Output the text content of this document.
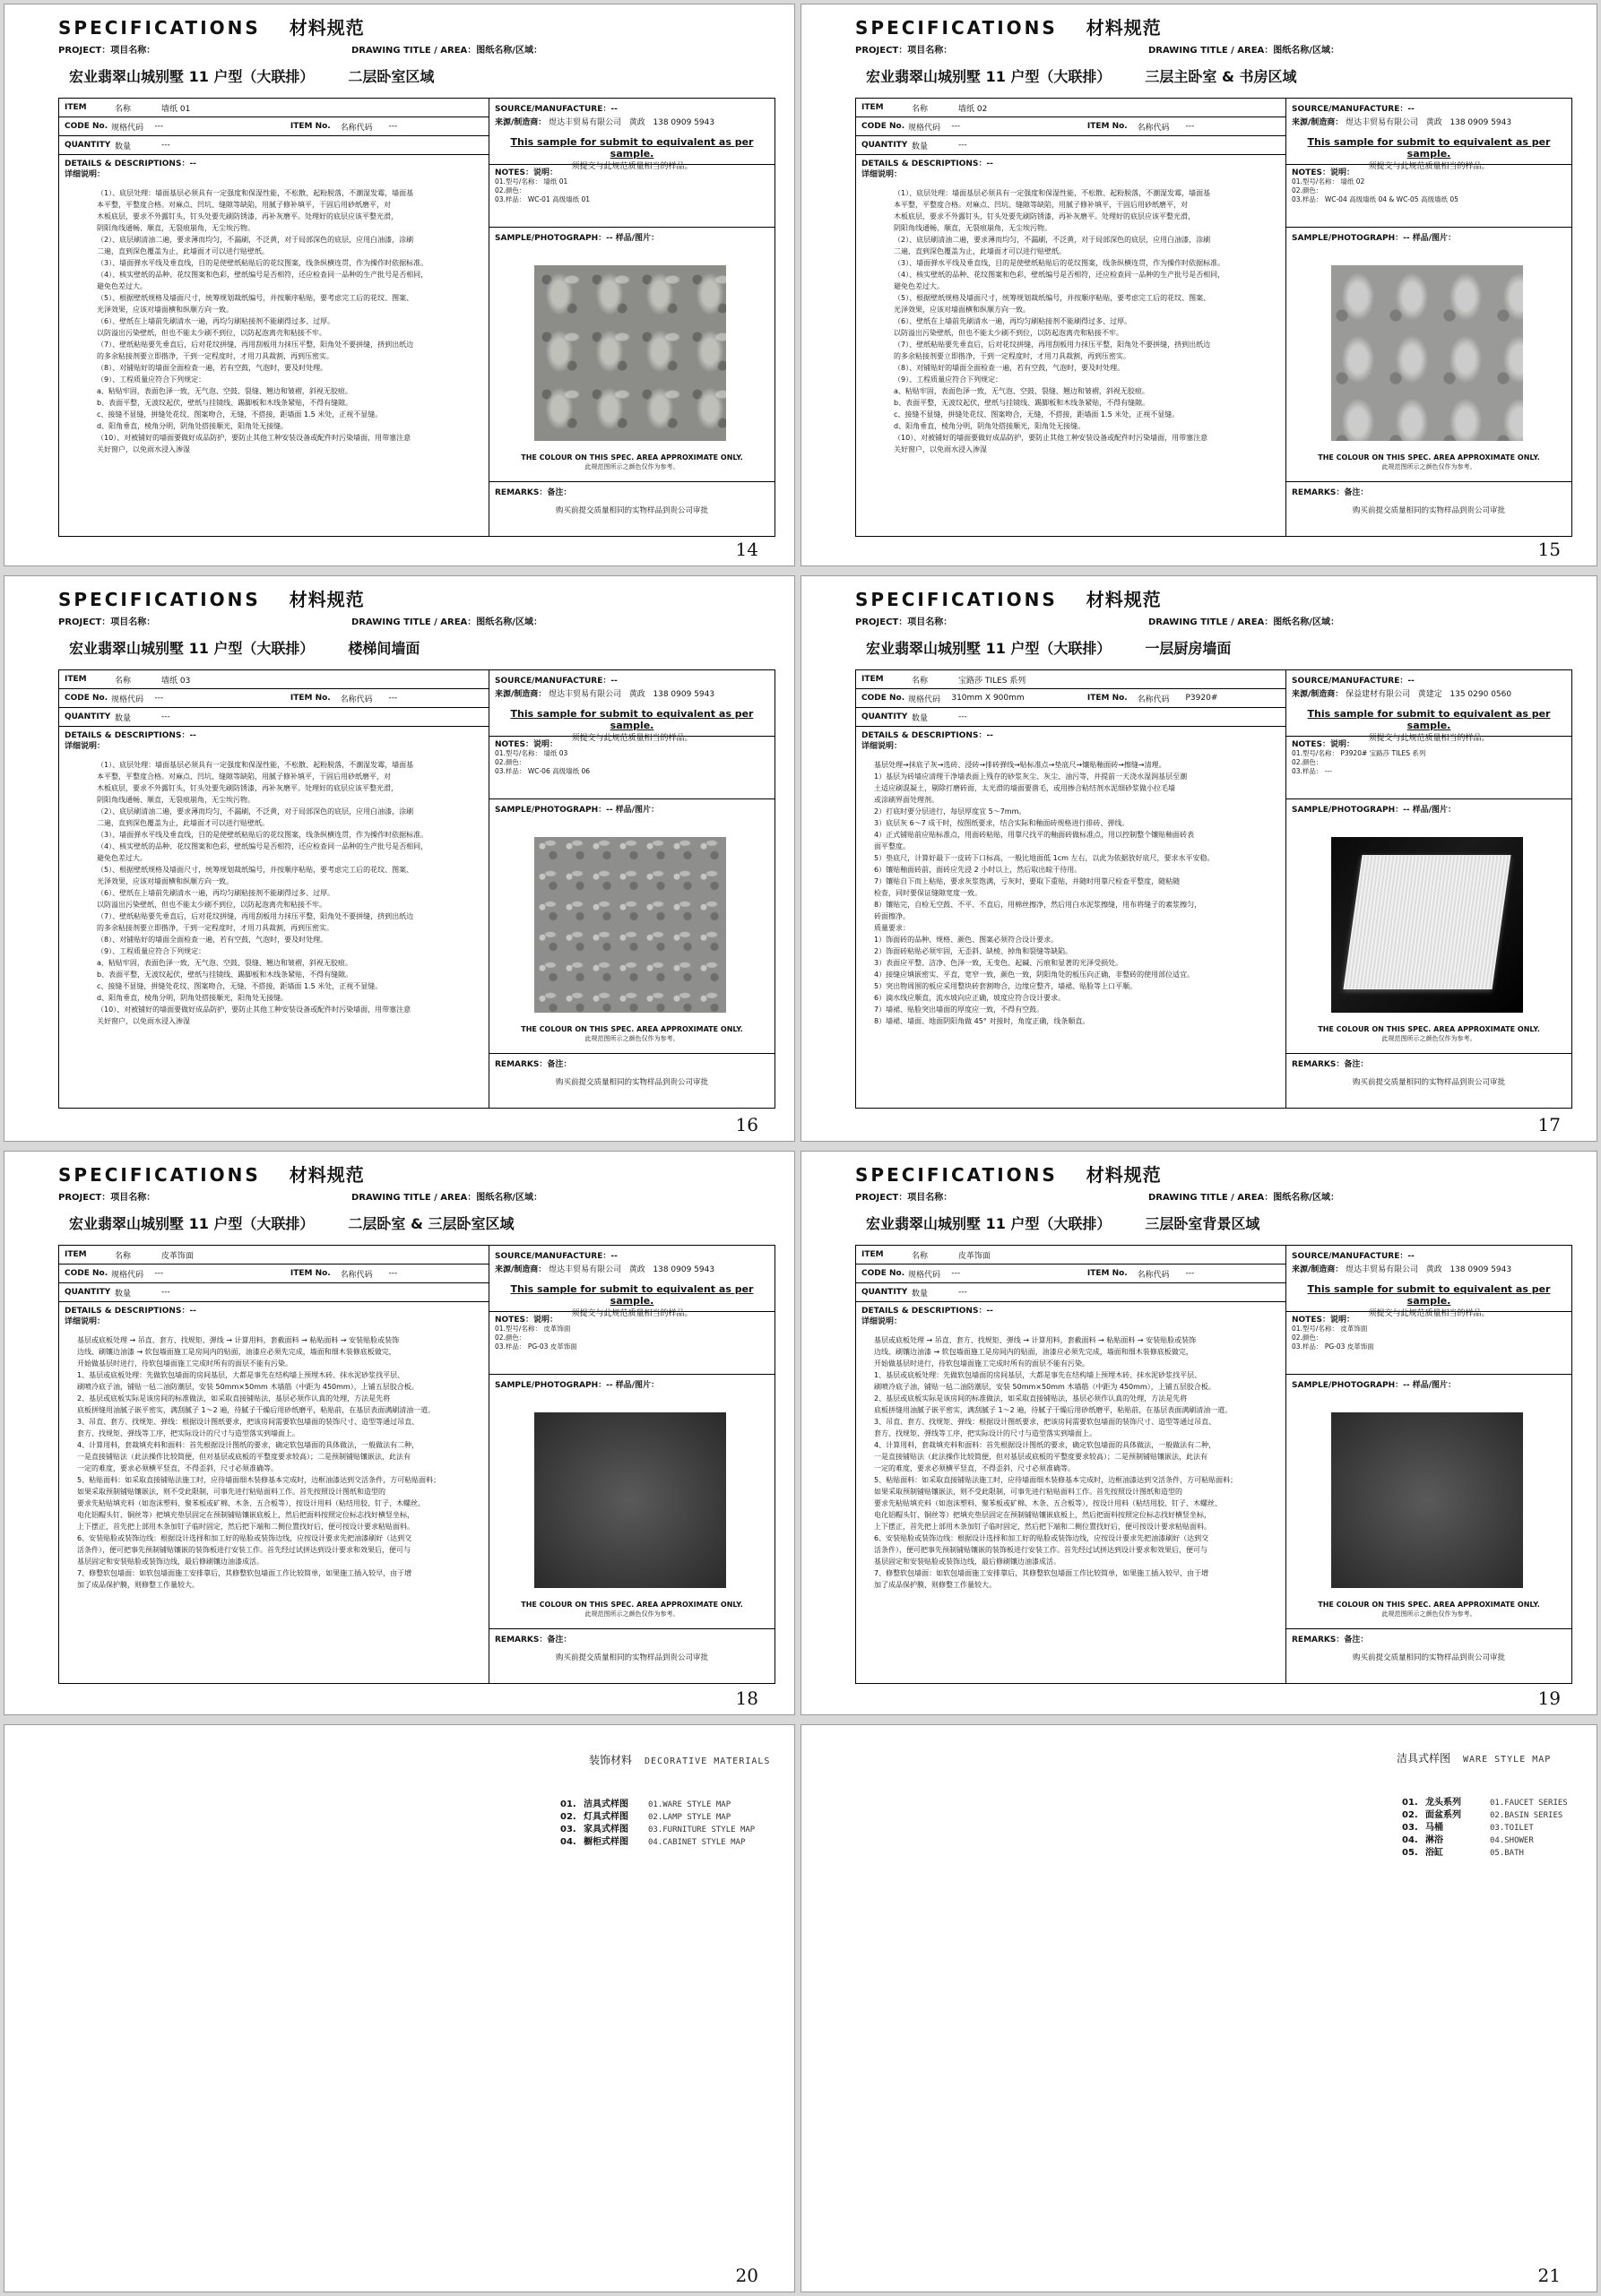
SPECIFICATIONS 材料规范
PROJECT：项目名称：	DRAWING TITLE / AREA：图纸名称/区域：
宏业翡翠山城别墅 11 户型（大联排） 二层卧室区域
ITEM	名称	墙纸 01
CODE No. 规格代码	---	ITEM No.	名称代码	---
QUANTITY 数量	---
DETAILS & DESCRIPTIONS：--
详细说明：
（1）、底层处理：墙面基层必须具有一定强度和保湿性能，不松散、起粉脱落，不潮湿发霉，墙面基
本平整，平整度合格。对麻点、凹坑、缝隙等缺陷，用腻子修补填平，干固后用砂纸磨平，对
木板底层，要求不外露钉头，钉头处要先刷防锈漆，再补灰磨平。处理好的底层应该平整光滑，
阴阳角线通畅、顺直，无裂痕崩角，无尘埃污物。
（2）、底层刷清油二遍，要求薄而均匀，不漏刷，不泛黄，对于局部深色的底层，应用白油漆，涂刷
二遍，直到深色覆盖为止，此墙面才可以进行贴壁纸。
（3）、墙面弹水平线及垂直线，目的是使壁纸粘贴后的花纹图案，线条纵横连贯，作为操作时依据标准。
（4）、核实壁纸的品种、花纹图案和色彩，壁纸编号是否相符，还应检查同一品种的生产批号是否相同，
避免色差过大。
（5）、根据壁纸规格及墙面尺寸，统筹规划裁纸编号，并按顺序粘贴，要考虑完工后的花纹、图案、
光泽效果，应该对墙面横和纵顺方向一致。
（6）、壁纸在上墙前先刷清水一遍，再均匀刷粘接剂不能刷得过多、过厚。
以防溢出污染壁纸，但也不能太少刷不到位，以防起泡离壳和粘接不牢。
（7）、壁纸粘贴要先垂直后，后对花纹拼缝，再用刮板用力抹压平整，阳角处不要拼缝，挤到出纸边
的多余粘接剂要立即揩净，干到一定程度时，才用刀具裁割，再到压密实。
（8）、对铺贴好的墙面全面检查一遍，若有空鼓，气泡时，要及时处理。
（9）、工程质量应符合下列规定：
a、粘贴牢固，表面色泽一致，无气泡、空鼓、裂缝、翘边和皱褶，斜视无胶痕。
b、表面平整，无波纹起伏，壁纸与挂镜线、踢脚板和木线条紧贴，不得有缝隙。
c、接缝不显缝，拼缝处花纹、图案吻合，无缝，不搭接，距墙面 1.5 米处，正视不显缝。
d、阳角垂直，棱角分明，阴角处搭接顺光，阳角处无接缝。
（10）、对被铺好的墙面要做好成品防护，要防止其他工种安装设备或配件时污染墙面，用带塞注意
关好窗户，以免雨水浸入渗湿
SOURCE/MANUFACTURE：--
来源/制造商： 煜达丰贸易有限公司 黄政 138 0909 5943
This sample for submit to equivalent as per sample.
须提交与此规范质量相当的样品。
NOTES：说明：
01.型号/名称： 墙纸 01
02.颜色：
03.样品： WC-01 高级墙纸 01
SAMPLE/PHOTOGRAPH：-- 样品/图片：
THE COLOUR ON THIS SPEC. AREA APPROXIMATE ONLY.
此规范图所示之颜色仅作为参考。
REMARKS：备注：
购买前提交质量相同的实物样品到贵公司审批
14
SPECIFICATIONS 材料规范
PROJECT：项目名称：	DRAWING TITLE / AREA：图纸名称/区域：
宏业翡翠山城别墅 11 户型（大联排） 三层主卧室 & 书房区域
ITEM	名称	墙纸 02
CODE No. 规格代码	---	ITEM No.	名称代码	---
QUANTITY 数量	---
DETAILS & DESCRIPTIONS：--
详细说明：
（1）、底层处理：墙面基层必须具有一定强度和保湿性能，不松散、起粉脱落，不潮湿发霉，墙面基
本平整，平整度合格。对麻点、凹坑、缝隙等缺陷，用腻子修补填平，干固后用砂纸磨平，对
木板底层，要求不外露钉头，钉头处要先刷防锈漆，再补灰磨平。处理好的底层应该平整光滑，
阴阳角线通畅、顺直，无裂痕崩角，无尘埃污物。
（2）、底层刷清油二遍，要求薄而均匀，不漏刷，不泛黄，对于局部深色的底层，应用白油漆，涂刷
二遍，直到深色覆盖为止，此墙面才可以进行贴壁纸。
（3）、墙面弹水平线及垂直线，目的是使壁纸粘贴后的花纹图案，线条纵横连贯，作为操作时依据标准。
（4）、核实壁纸的品种、花纹图案和色彩，壁纸编号是否相符，还应检查同一品种的生产批号是否相同，
避免色差过大。
（5）、根据壁纸规格及墙面尺寸，统筹规划裁纸编号，并按顺序粘贴，要考虑完工后的花纹、图案、
光泽效果，应该对墙面横和纵顺方向一致。
（6）、壁纸在上墙前先刷清水一遍，再均匀刷粘接剂不能刷得过多、过厚。
以防溢出污染壁纸，但也不能太少刷不到位，以防起泡离壳和粘接不牢。
（7）、壁纸粘贴要先垂直后，后对花纹拼缝，再用刮板用力抹压平整，阳角处不要拼缝，挤到出纸边
的多余粘接剂要立即揩净，干到一定程度时，才用刀具裁割，再到压密实。
（8）、对铺贴好的墙面全面检查一遍，若有空鼓，气泡时，要及时处理。
（9）、工程质量应符合下列规定：
a、粘贴牢固，表面色泽一致，无气泡、空鼓、裂缝、翘边和皱褶，斜视无胶痕。
b、表面平整，无波纹起伏，壁纸与挂镜线、踢脚板和木线条紧贴，不得有缝隙。
c、接缝不显缝，拼缝处花纹、图案吻合，无缝，不搭接，距墙面 1.5 米处，正视不显缝。
d、阳角垂直，棱角分明，阴角处搭接顺光，阳角处无接缝。
（10）、对被铺好的墙面要做好成品防护，要防止其他工种安装设备或配件时污染墙面，用带塞注意
关好窗户，以免雨水浸入渗湿
SOURCE/MANUFACTURE：--
来源/制造商： 煜达丰贸易有限公司 黄政 138 0909 5943
This sample for submit to equivalent as per sample.
须提交与此规范质量相当的样品。
NOTES：说明：
01.型号/名称： 墙纸 02
02.颜色：
03.样品： WC-04 高级墙纸 04 & WC-05 高级墙纸 05
SAMPLE/PHOTOGRAPH：-- 样品/图片：
THE COLOUR ON THIS SPEC. AREA APPROXIMATE ONLY.
此规范图所示之颜色仅作为参考。
REMARKS：备注：
购买前提交质量相同的实物样品到贵公司审批
15
SPECIFICATIONS 材料规范
PROJECT：项目名称：	DRAWING TITLE / AREA：图纸名称/区域：
宏业翡翠山城别墅 11 户型（大联排） 楼梯间墙面
ITEM	名称	墙纸 03
CODE No. 规格代码	---	ITEM No.	名称代码	---
QUANTITY 数量	---
DETAILS & DESCRIPTIONS：--
详细说明：
（1）、底层处理：墙面基层必须具有一定强度和保湿性能，不松散、起粉脱落，不潮湿发霉，墙面基
本平整，平整度合格。对麻点、凹坑、缝隙等缺陷，用腻子修补填平，干固后用砂纸磨平，对
木板底层，要求不外露钉头，钉头处要先刷防锈漆，再补灰磨平。处理好的底层应该平整光滑，
阴阳角线通畅、顺直，无裂痕崩角，无尘埃污物。
（2）、底层刷清油二遍，要求薄而均匀，不漏刷，不泛黄，对于局部深色的底层，应用白油漆，涂刷
二遍，直到深色覆盖为止，此墙面才可以进行贴壁纸。
（3）、墙面弹水平线及垂直线，目的是使壁纸粘贴后的花纹图案，线条纵横连贯，作为操作时依据标准。
（4）、核实壁纸的品种、花纹图案和色彩，壁纸编号是否相符，还应检查同一品种的生产批号是否相同，
避免色差过大。
（5）、根据壁纸规格及墙面尺寸，统筹规划裁纸编号，并按顺序粘贴，要考虑完工后的花纹、图案、
光泽效果，应该对墙面横和纵顺方向一致。
（6）、壁纸在上墙前先刷清水一遍，再均匀刷粘接剂不能刷得过多、过厚。
以防溢出污染壁纸，但也不能太少刷不到位，以防起泡离壳和粘接不牢。
（7）、壁纸粘贴要先垂直后，后对花纹拼缝，再用刮板用力抹压平整，阳角处不要拼缝，挤到出纸边
的多余粘接剂要立即揩净，干到一定程度时，才用刀具裁割，再到压密实。
（8）、对铺贴好的墙面全面检查一遍，若有空鼓，气泡时，要及时处理。
（9）、工程质量应符合下列规定：
a、粘贴牢固，表面色泽一致，无气泡、空鼓、裂缝、翘边和皱褶，斜视无胶痕。
b、表面平整，无波纹起伏，壁纸与挂镜线、踢脚板和木线条紧贴，不得有缝隙。
c、接缝不显缝，拼缝处花纹、图案吻合，无缝，不搭接，距墙面 1.5 米处，正视不显缝。
d、阳角垂直，棱角分明，阴角处搭接顺光，阳角处无接缝。
（10）、对被铺好的墙面要做好成品防护，要防止其他工种安装设备或配件时污染墙面，用带塞注意
关好窗户，以免雨水浸入渗湿
SOURCE/MANUFACTURE：--
来源/制造商： 煜达丰贸易有限公司 黄政 138 0909 5943
This sample for submit to equivalent as per sample.
须提交与此规范质量相当的样品。
NOTES：说明：
01.型号/名称： 墙纸 03
02.颜色：
03.样品： WC-06 高级墙纸 06
SAMPLE/PHOTOGRAPH：-- 样品/图片：
THE COLOUR ON THIS SPEC. AREA APPROXIMATE ONLY.
此规范图所示之颜色仅作为参考。
REMARKS：备注：
购买前提交质量相同的实物样品到贵公司审批
16
SPECIFICATIONS 材料规范
PROJECT：项目名称：	DRAWING TITLE / AREA：图纸名称/区域：
宏业翡翠山城别墅 11 户型（大联排） 一层厨房墙面
ITEM	名称	宝路莎 TILES 系列
CODE No. 规格代码	310mm X 900mm	ITEM No.	名称代码	P3920#
QUANTITY 数量	---
DETAILS & DESCRIPTIONS：--
详细说明：
基层处理→抹底子灰→选砖、浸砖→排砖弹线→贴标准点→垫底尺→镶贴釉面砖→擦缝→清理。
1）基层为砖墙应清理干净墙表面上残存的砂浆灰尘、灰尘、油污等，并提前一天浇水湿润基层至潮
土适应刷混凝土，剔除打磨砖面，太光滑的墙面要凿毛，或用掺合粘结剂水泥细砂浆做小拉毛墙
或涂刷界面处理剂。
2）打底时要分层进行，每层厚度宜 5～7mm。
3）底层灰 6～7 成干时，按图纸要求，结合实际和釉面砖规格进行排砖、弹线。
4）正式铺贴前应贴标准点，用面砖粘贴，用靠尺找平的釉面砖做标准点，用以控制整个镶贴釉面砖表
面平整度。
5）垫底尺，计算好最下一皮砖下口标高，一般比地面低 1cm 左右，以此为依据放好底尺，要求水平安稳。
6）镶贴釉面砖前，面砖应先浸 2 小时以上，然后取出晾干待用。
7）镶贴自下而上粘贴，要求灰浆饱满，亏灰时，要取下重贴，并随时用靠尺检查平整度，随粘随
检查，同时要保证缝隙宽度一致。
8）镶贴完，自检无空鼓、不平、不直后，用棉丝擦净，然后用白水泥浆擦缝，用布将缝子的素浆擦匀，
砖面擦净。
质量要求：
1）饰面砖的品种、规格、颜色、图案必须符合设计要求。
2）饰面砖粘贴必须牢固，无歪斜、缺棱、掉角和裂缝等缺陷。
3）表面应平整、洁净、色泽一致，无变色、起碱、污痕和显著的光泽受损处。
4）接缝应填嵌密实、平直，宽窄一致，颜色一致，阴阳角处的板压向正确，非整砖的使用部位适宜。
5）突出物周围的板应采用整块砖套割吻合，边缘应整齐，墙裙、贴脸等上口平顺。
6）滴水线应顺直，流水坡向应正确，坡度应符合设计要求。
7）墙裙、贴脸突出墙面的厚度应一致，不得有空鼓。
8）墙裙、墙面、地面阴阳角做 45° 对接时，角度正确，线条顺直。
SOURCE/MANUFACTURE：--
来源/制造商： 保益建材有限公司 黄建定 135 0290 0560
This sample for submit to equivalent as per sample.
须提交与此规范质量相当的样品。
NOTES：说明：
01.型号/名称： P3920# 宝路莎 TILES 系列
02.颜色：
03.样品： ---
SAMPLE/PHOTOGRAPH：-- 样品/图片：
THE COLOUR ON THIS SPEC. AREA APPROXIMATE ONLY.
此规范图所示之颜色仅作为参考。
REMARKS：备注：
购买前提交质量相同的实物样品到贵公司审批
17
SPECIFICATIONS 材料规范
PROJECT：项目名称：	DRAWING TITLE / AREA：图纸名称/区域：
宏业翡翠山城别墅 11 户型（大联排） 二层卧室 & 三层卧室区域
ITEM	名称	皮革饰面
CODE No. 规格代码	---	ITEM No.	名称代码	---
QUANTITY 数量	---
DETAILS & DESCRIPTIONS：--
详细说明：
基层或底板处理 → 吊直、套方、找规矩、弹线 → 计算用料，套截面料 → 粘贴面料 → 安装贴脸或装饰
边线、刷镶边油漆 → 软包墙面施工是房间内的贴面，油漆应必须先完成，墙面和细木装修底板做完，
开始做基层时进行，待软包墙面施工完成时所有的面层不能有污染。
1、基层或底板处理：先做软包墙面的房间基层，大都是事先在结构墙上预埋木砖、抹水泥砂浆找平层、
刷喷冷底子油，铺贴一毡二油防潮层，安装 50mm×50mm 木墙筋（中距为 450mm），上铺五层胶合板。
2、基层或底板实际是该房间的标准做法，如采取直接铺贴法，基层必须作认真的处理，方法是先将
底板拼缝用油腻子嵌平密实，满刮腻子 1～2 遍，待腻子干燥后用砂纸磨平，粘贴前，在基层表面满刷清油一道。
3、吊直、套方、找规矩、弹线：根据设计图纸要求，把该房间需要软包墙面的装饰尺寸、造型等通过吊直、
套方、找规矩、弹线等工序，把实际设计的尺寸与造型落实到墙面上。
4、计算用料，套裁填充料和面料：首先根据设计图纸的要求，确定软包墙面的具体做法，一般做法有二种，
一是直接铺贴法（此法操作比较简便，但对基层或底板的平整度要求较高）；二是预制铺贴镶嵌法，此法有
一定的难度，要求必须横平竖直，不得歪斜，尺寸必须准确等。
5、粘贴面料：如采取直接铺贴法施工时，应待墙面细木装修基本完成时，边框油漆达到交活条件，方可粘贴面料；
如果采取预制铺贴镶嵌法，则不受此限制，可事先进行粘贴面料工作。首先按照设计图纸和造型的
要求先粘贴填充料（如泡沫塑料、聚苯板或矿棉、木条、五合板等），按设计用料（粘结用胶、钉子、木螺丝、
电化铝帽头钉、铜丝等）把填充垫层固定在预制铺贴镶嵌底板上，然后把面料按照定位标志找好横竖坐标，
上下摆正，首先把上部用木条加钉子临时固定，然后把下端和二侧位置找好后，便可按设计要求粘贴面料。
6、安装贴脸或装饰边线：根据设计选择和加工好的贴脸或装饰边线，应按设计要求先把油漆刷好（达到交
活条件），便可把事先预制铺贴镶嵌的装饰板进行安装工作。首先经过试拼达到设计要求和效果后，便可与
基层固定和安装贴脸或装饰边线，最后修刷镶边油漆成活。
7、修整软包墙面：如软包墙面施工安排靠后，其修整软包墙面工作比较简单，如果施工插入较早，由于增
加了成品保护膜，则修整工作量较大。
SOURCE/MANUFACTURE：--
来源/制造商： 煜达丰贸易有限公司 黄政 138 0909 5943
This sample for submit to equivalent as per sample.
须提交与此规范质量相当的样品。
NOTES：说明：
01.型号/名称： 皮革饰面
02.颜色：
03.样品： PG-03 皮革饰面
SAMPLE/PHOTOGRAPH：-- 样品/图片：
THE COLOUR ON THIS SPEC. AREA APPROXIMATE ONLY.
此规范图所示之颜色仅作为参考。
REMARKS：备注：
购买前提交质量相同的实物样品到贵公司审批
18
SPECIFICATIONS 材料规范
PROJECT：项目名称：	DRAWING TITLE / AREA：图纸名称/区域：
宏业翡翠山城别墅 11 户型（大联排） 三层卧室背景区域
ITEM	名称	皮革饰面
CODE No. 规格代码	---	ITEM No.	名称代码	---
QUANTITY 数量	---
DETAILS & DESCRIPTIONS：--
详细说明：
基层或底板处理 → 吊直、套方、找规矩、弹线 → 计算用料，套截面料 → 粘贴面料 → 安装贴脸或装饰
边线、刷镶边油漆 → 软包墙面施工是房间内的贴面，油漆应必须先完成，墙面和细木装修底板做完，
开始做基层时进行，待软包墙面施工完成时所有的面层不能有污染。
1、基层或底板处理：先做软包墙面的房间基层，大都是事先在结构墙上预埋木砖、抹水泥砂浆找平层、
刷喷冷底子油，铺贴一毡二油防潮层，安装 50mm×50mm 木墙筋（中距为 450mm），上铺五层胶合板。
2、基层或底板实际是该房间的标准做法，如采取直接铺贴法，基层必须作认真的处理，方法是先将
底板拼缝用油腻子嵌平密实，满刮腻子 1～2 遍，待腻子干燥后用砂纸磨平，粘贴前，在基层表面满刷清油一道。
3、吊直、套方、找规矩、弹线：根据设计图纸要求，把该房间需要软包墙面的装饰尺寸、造型等通过吊直、
套方、找规矩、弹线等工序，把实际设计的尺寸与造型落实到墙面上。
4、计算用料，套裁填充料和面料：首先根据设计图纸的要求，确定软包墙面的具体做法，一般做法有二种，
一是直接铺贴法（此法操作比较简便，但对基层或底板的平整度要求较高）；二是预制铺贴镶嵌法，此法有
一定的难度，要求必须横平竖直，不得歪斜，尺寸必须准确等。
5、粘贴面料：如采取直接铺贴法施工时，应待墙面细木装修基本完成时，边框油漆达到交活条件，方可粘贴面料；
如果采取预制铺贴镶嵌法，则不受此限制，可事先进行粘贴面料工作。首先按照设计图纸和造型的
要求先粘贴填充料（如泡沫塑料、聚苯板或矿棉、木条、五合板等），按设计用料（粘结用胶、钉子、木螺丝、
电化铝帽头钉、铜丝等）把填充垫层固定在预制铺贴镶嵌底板上，然后把面料按照定位标志找好横竖坐标，
上下摆正，首先把上部用木条加钉子临时固定，然后把下端和二侧位置找好后，便可按设计要求粘贴面料。
6、安装贴脸或装饰边线：根据设计选择和加工好的贴脸或装饰边线，应按设计要求先把油漆刷好（达到交
活条件），便可把事先预制铺贴镶嵌的装饰板进行安装工作。首先经过试拼达到设计要求和效果后，便可与
基层固定和安装贴脸或装饰边线，最后修刷镶边油漆成活。
7、修整软包墙面：如软包墙面施工安排靠后，其修整软包墙面工作比较简单，如果施工插入较早，由于增
加了成品保护膜，则修整工作量较大。
SOURCE/MANUFACTURE：--
来源/制造商： 煜达丰贸易有限公司 黄政 138 0909 5943
This sample for submit to equivalent as per sample.
须提交与此规范质量相当的样品。
NOTES：说明：
01.型号/名称： 皮革饰面
02.颜色：
03.样品： PG-03 皮革饰面
SAMPLE/PHOTOGRAPH：-- 样品/图片：
THE COLOUR ON THIS SPEC. AREA APPROXIMATE ONLY.
此规范图所示之颜色仅作为参考。
REMARKS：备注：
购买前提交质量相同的实物样品到贵公司审批
19
装饰材料 DECORATIVE MATERIALS
01. 洁具式样图	01.WARE STYLE MAP
02. 灯具式样图	02.LAMP STYLE MAP
03. 家具式样图	03.FURNITURE STYLE MAP
04. 橱柜式样图	04.CABINET STYLE MAP
20
洁具式样图 WARE STYLE MAP
01. 龙头系列	01.FAUCET SERIES
02. 面盆系列	02.BASIN SERIES
03. 马桶	03.TOILET
04. 淋浴	04.SHOWER
05. 浴缸	05.BATH
21
